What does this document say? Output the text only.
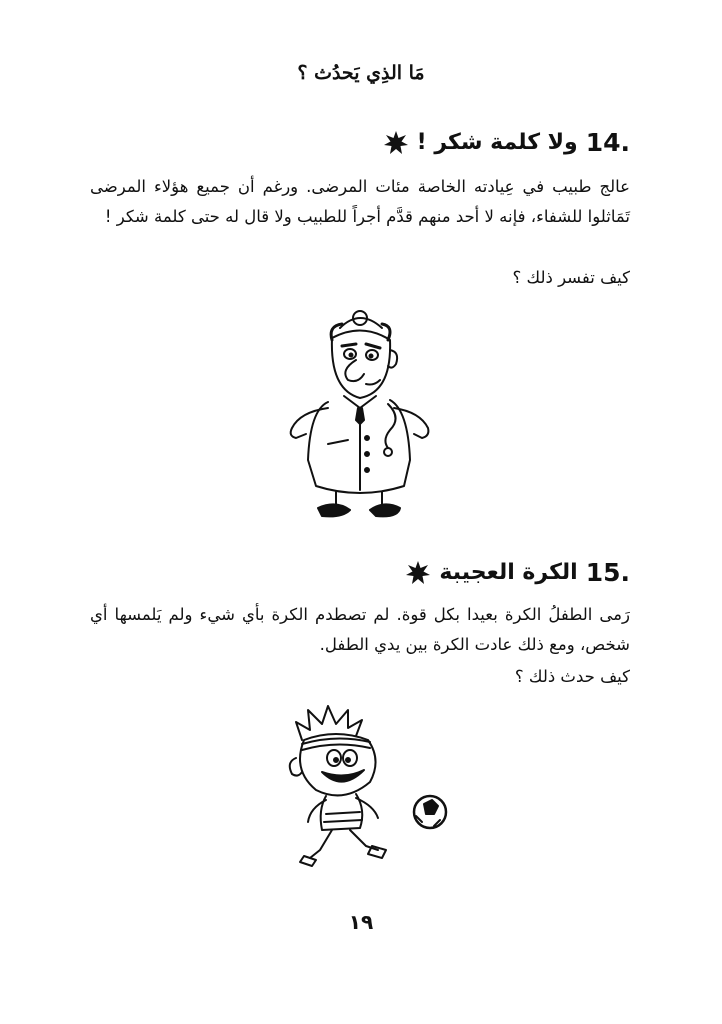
مَا الذِي يَحدُث ؟
14.
ولا كلمة شكر !
عالج طبيب في عِيادته الخاصة مئات المرضى. ورغم أن جميع هؤلاء المرضى تَمَاثلوا للشفاء، فإنه لا أحد منهم قدَّم أجراً للطبيب ولا قال له حتى كلمة شكر !
كيف تفسر ذلك ؟
15.
الكرة العجيبة
رَمى الطفلُ الكرة بعيدا بكل قوة. لم تصطدم الكرة بأي شيء ولم يَلمسها أي شخص، ومع ذلك عادت الكرة بين يدي الطفل.
كيف حدث ذلك ؟
١٩
